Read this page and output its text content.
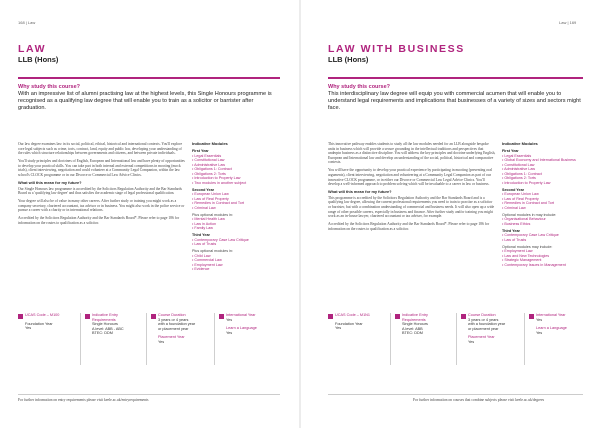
168 | Law
LAW
LLB (Hons)
Why study this course?
With an impressive list of alumni practising law at the highest levels, this Single Honours programme is recognised as a qualifying law degree that will enable you to train as a solicitor or barrister after graduation.

Our law degree examines law in its social, political, ethical, historical and international contexts. You'll explore core legal subjects such as crime, torts, contract, land, equity and public law, developing your understanding of the rules which structure relationships between governments and citizens, and between private individuals.

You'll study principles and doctrines of English, European and International law and have plenty of opportunities to develop your practical skills. You can take part in both internal and external competitions in mooting (mock trials), client interviewing, negotiation and could volunteer at a Community Legal Companion, within the law school's CLOCK programme or in our Divorce or Commercial Law Advice Clinics.

What will this mean for my future?

Our Single Honours law programme is accredited by the Solicitors Regulation Authority and the Bar Standards Board as a 'qualifying law degree' and thus satisfies the academic stage of legal professional qualification.

Your degree will also be of value in many other careers. After further study or training you might work as a company secretary, chartered accountant, tax advisor or in business. You might also work in the police service or pursue a career with a charity or in international relations.

Accredited by the Solicitors Regulation Authority and the Bar Standards Board*. Please refer to page 186 for information on the routes to qualification as a solicitor.

Indicative Modules
First Year
• Legal Essentials
• Constitutional Law
• Administrative Law
• Obligations 1: Contract
• Obligations 2: Torts
• Introduction to Property Law
• Two modules in another subject
Second Year
• European Union Law
• Law of Real Property
• Remedies in Contract and Tort
• Criminal Law
Plus optional modules in:
• Mental Health Law
• Law in Action
• Family Law
Third Year
• Contemporary Case Law Critique
• Law of Trusts
Plus optional modules in:
• Child Law
• Commercial Law
• Employment Law
• Evidence
UCAS Code – M100
Foundation Year
Yes
Indicative Entry Requirements
Single Honours
A level: ABB - ABC
BTEC: DDM
Course Duration
3 years or 4 years
with a foundation year
or placement year
Placement Year
Yes
International Year
Yes
Learn a Language
Yes
For further information on entry requirements please visit keele.ac.uk/entryrequirements
Law | 169
LAW WITH BUSINESS
LLB (Hons)
Why study this course?
This interdisciplinary law degree will equip you with commercial acumen that will enable you to understand legal requirements and implications that businesses of a variety of sizes and sectors might face.

This innovative pathway enables students to study all the law modules needed for an LLB alongside bespoke units in business which will provide a secure grounding in the intellectual traditions and perspectives that underpin business as a distinctive discipline. You will address the key principles and doctrine underlying English, European and International law and develop an understanding of the social, political, historical and comparative contexts.

You will have the opportunity to develop your practical experience by participating in mooting (presenting oral arguments), client interviewing, negotiation and volunteering at a Community Legal Companion as part of our innovative CLOCK programme, or in either our Divorce or Commercial Law Legal Advice Clinics. You'll develop a well-informed approach to problem solving which will be invaluable to a career in law or business.

What will this mean for my future?

This programme is accredited by the Solicitors Regulation Authority and the Bar Standards Board and is a qualifying law degree, allowing the current professional requirements you need to train to practise as a solicitor or barrister, but with a combination understanding of commercial and business needs. It will also open up a wide range of other possible careers, especially in business and finance. After further study and/or training you might work as an in-house lawyer, chartered accountant or tax adviser, for example.

Accredited by the Solicitors Regulation Authority and the Bar Standards Board*. Please refer to page 186 for information on the routes to qualification as a solicitor.

Indicative Modules
First Year
• Legal Essentials
• Global Economy and International Business
• Constitutional Law
• Administrative Law
• Obligations 1: Contract
• Obligations 2: Torts
• Introduction to Property Law
Second Year
• European Union Law
• Law of Real Property
• Remedies in Contract and Tort
• Criminal Law
Optional modules in may include:
• Organisational Behaviour
• Business Ethics
Third Year
• Contemporary Case Law Critique
• Law of Trusts
Optional modules may include:
• Employment Law
• Law and New Technologies
• Strategic Management
• Contemporary Issues in Management
UCAS Code – M1N1
Foundation Year
Yes
Indicative Entry Requirements
Single Honours
A level: ABB
BTEC: DDM
Course Duration
3 years or 4 years
with a foundation year
or placement year
Placement Year
Yes
International Year
Yes
Learn a Language
Yes
For further information on courses that combine subjects please visit keele.ac.uk/degrees
